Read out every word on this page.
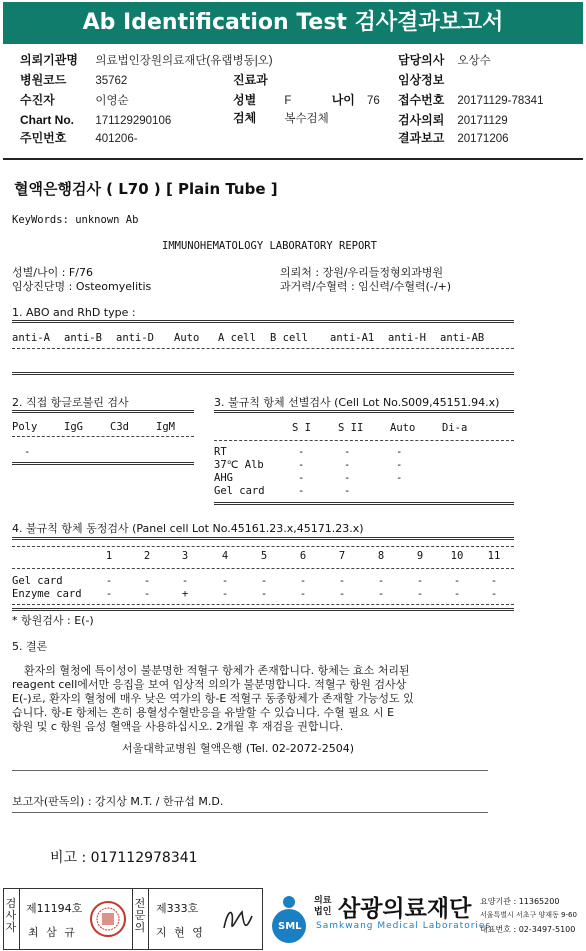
Ab Identification Test 검사결과보고서
의뢰기관명 의료법인장원의료재단(유랩병동|오)
병원코드	35762	진료과
수진자	이영순	성별 F	나이 76
Chart No. 171129290106	검체 복수검체
주민번호	401206-
담당의사 오상수
임상정보
접수번호 20171129-78341
검사의뢰 20171129
결과보고 20171206
혈액은행검사 ( L70 ) [ Plain Tube ]
KeyWords: unknown Ab
IMMUNOHEMATOLOGY LABORATORY REPORT
성별/나이 : F/76
임상진단명 : Osteomyelitis
의뢰처 : 장원/우리들정형외과병원
과거력/수혈력 : 임신력/수혈력(-/+)
1. ABO and RhD type :
anti-A anti-B anti-D Auto A cell B cell anti-A1 anti-H anti-AB
2. 직접 항글로불린 검사
Poly	IgG	C3d	IgM
-
3. 불규칙 항체 선별검사 (Cell Lot No.S009,45151.94.x)
S I	S II	Auto	Di-a
RT	-	-	-
37℃ Alb	-	-	-
AHG	-	-	-
Gel card	-	-
4. 불규칙 항체 동정검사 (Panel cell Lot No.45161.23.x,45171.23.x)
1	2	3	4	5	6	7	8	9	10 11
Gel card	-	-	-	-	-	-	-	-	-	-	-
Enzyme card	-	-	+	-	-	-	-	-	-	-	-
* 항원검사 : E(-)
5. 결론
환자의 혈청에 특이성이 불분명한 적혈구 항체가 존재합니다. 항체는 효소 처리된
reagent cell에서만 응집을 보여 임상적 의의가 불분명합니다. 적혈구 항원 검사상
E(-)로, 환자의 혈청에 매우 낮은 역가의 항-E 적혈구 동종항체가 존재할 가능성도 있
습니다. 항-E 항체는 흔히 용혈성수혈반응을 유발할 수 있습니다. 수혈 필요 시 E
항원 및 c 항원 음성 혈액을 사용하십시오. 2개월 후 재검을 권합니다.
서울대학교병원 혈액은행 (Tel. 02-2072-2504)
보고자(판독의) : 강지상 M.T. / 한규섭 M.D.
비고 : 017112978341
검사자
제11194호
최 삼 규
전문의
제333호
지 현 영	SML
의료
법인 삼광의료재단
Samkwang Medical Laboratories
요양기관 : 11365200
서울특별시 서초구 양재동 9-60
대표번호 : 02-3497-5100
